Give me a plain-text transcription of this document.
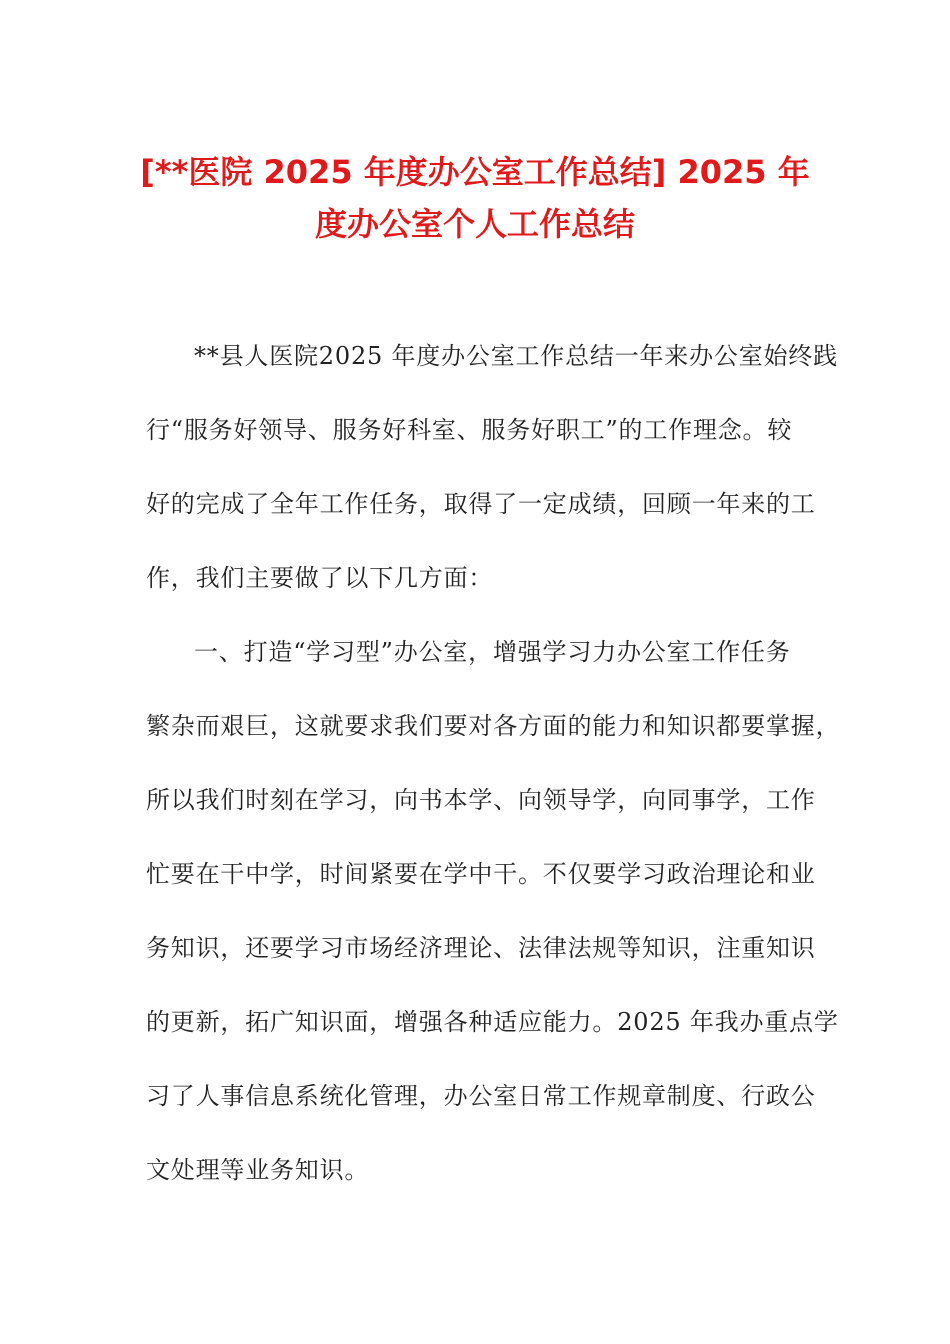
[**医院 2025 年度办公室工作总结] 2025 年
度办公室个人工作总结
**县人医院2025 年度办公室工作总结一年来办公室始终践
行“服务好领导、服务好科室、服务好职工”的工作理念。较
好的完成了全年工作任务，取得了一定成绩，回顾一年来的工
作，我们主要做了以下几方面：
一、打造“学习型”办公室，增强学习力办公室工作任务
繁杂而艰巨，这就要求我们要对各方面的能力和知识都要掌握，
所以我们时刻在学习，向书本学、向领导学，向同事学，工作
忙要在干中学，时间紧要在学中干。不仅要学习政治理论和业
务知识，还要学习市场经济理论、法律法规等知识，注重知识
的更新，拓广知识面，增强各种适应能力。2025 年我办重点学
习了人事信息系统化管理，办公室日常工作规章制度、行政公
文处理等业务知识。
